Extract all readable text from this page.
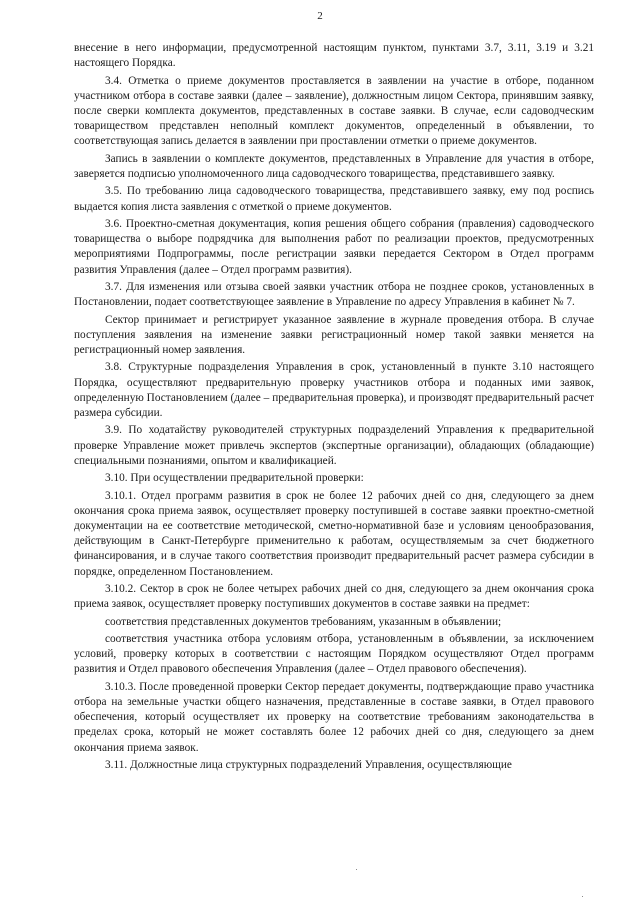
2

внесение в него информации, предусмотренной настоящим пунктом, пунктами 3.7, 3.11, 3.19 и 3.21 настоящего Порядка.

3.4. Отметка о приеме документов проставляется в заявлении на участие в отборе, поданном участником отбора в составе заявки (далее – заявление), должностным лицом Сектора, принявшим заявку, после сверки комплекта документов, представленных в составе заявки. В случае, если садоводческим товариществом представлен неполный комплект документов, определенный в объявлении, то соответствующая запись делается в заявлении при проставлении отметки о приеме документов.

Запись в заявлении о комплекте документов, представленных в Управление для участия в отборе, заверяется подписью уполномоченного лица садоводческого товарищества, представившего заявку.

3.5. По требованию лица садоводческого товарищества, представившего заявку, ему под роспись выдается копия листа заявления с отметкой о приеме документов.

3.6. Проектно-сметная документация, копия решения общего собрания (правления) садоводческого товарищества о выборе подрядчика для выполнения работ по реализации проектов, предусмотренных мероприятиями Подпрограммы, после регистрации заявки передается Сектором в Отдел программ развития Управления (далее – Отдел программ развития).

3.7. Для изменения или отзыва своей заявки участник отбора не позднее сроков, установленных в Постановлении, подает соответствующее заявление в Управление по адресу Управления в кабинет № 7.

Сектор принимает и регистрирует указанное заявление в журнале проведения отбора. В случае поступления заявления на изменение заявки регистрационный номер такой заявки меняется на регистрационный номер заявления.

3.8. Структурные подразделения Управления в срок, установленный в пункте 3.10 настоящего Порядка, осуществляют предварительную проверку участников отбора и поданных ими заявок, определенную Постановлением (далее – предварительная проверка), и производят предварительный расчет размера субсидии.

3.9. По ходатайству руководителей структурных подразделений Управления к предварительной проверке Управление может привлечь экспертов (экспертные организации), обладающих (обладающие) специальными познаниями, опытом и квалификацией.

3.10. При осуществлении предварительной проверки:

3.10.1. Отдел программ развития в срок не более 12 рабочих дней со дня, следующего за днем окончания срока приема заявок, осуществляет проверку поступившей в составе заявки проектно-сметной документации на ее соответствие методической, сметно-нормативной базе и условиям ценообразования, действующим в Санкт-Петербурге применительно к работам, осуществляемым за счет бюджетного финансирования, и в случае такого соответствия производит предварительный расчет размера субсидии в порядке, определенном Постановлением.

3.10.2. Сектор в срок не более четырех рабочих дней со дня, следующего за днем окончания срока приема заявок, осуществляет проверку поступивших документов в составе заявки на предмет:

соответствия представленных документов требованиям, указанным в объявлении;

соответствия участника отбора условиям отбора, установленным в объявлении, за исключением условий, проверку которых в соответствии с настоящим Порядком осуществляют Отдел программ развития и Отдел правового обеспечения Управления (далее – Отдел правового обеспечения).

3.10.3. После проведенной проверки Сектор передает документы, подтверждающие право участника отбора на земельные участки общего назначения, представленные в составе заявки, в Отдел правового обеспечения, который осуществляет их проверку на соответствие требованиям законодательства в пределах срока, который не может составлять более 12 рабочих дней со дня, следующего за днем окончания приема заявок.

3.11. Должностные лица структурных подразделений Управления, осуществляющие
